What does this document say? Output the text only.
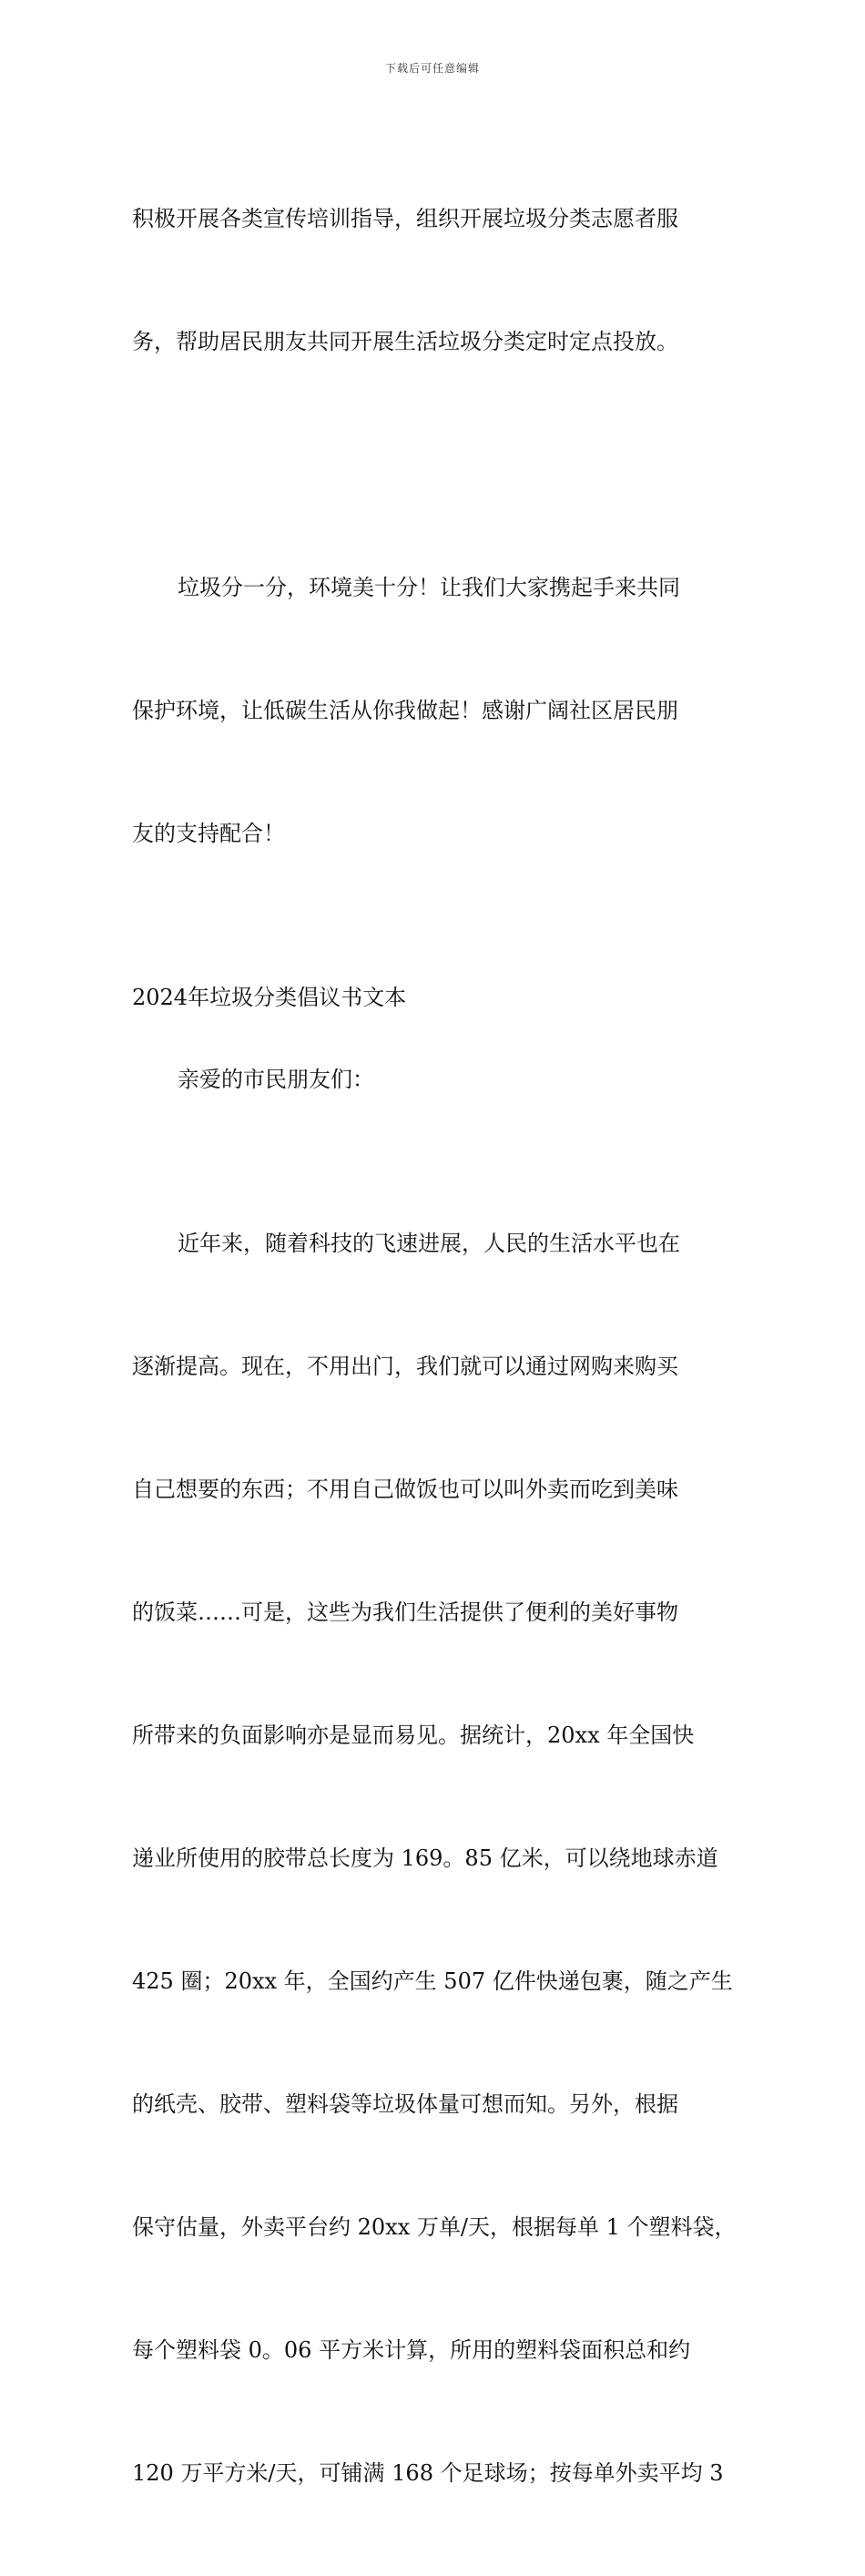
下载后可任意编辑

积极开展各类宣传培训指导，组织开展垃圾分类志愿者服

务，帮助居民朋友共同开展生活垃圾分类定时定点投放。

垃圾分一分，环境美十分！让我们大家携起手来共同

保护环境，让低碳生活从你我做起！感谢广阔社区居民朋

友的支持配合！

2024年垃圾分类倡议书文本

亲爱的市民朋友们：

近年来，随着科技的飞速进展，人民的生活水平也在

逐渐提高。现在，不用出门，我们就可以通过网购来购买

自己想要的东西；不用自己做饭也可以叫外卖而吃到美味

的饭菜……可是，这些为我们生活提供了便利的美好事物

所带来的负面影响亦是显而易见。据统计，20xx 年全国快

递业所使用的胶带总长度为 169。85 亿米，可以绕地球赤道

425 圈；20xx 年，全国约产生 507 亿件快递包裹，随之产生

的纸壳、胶带、塑料袋等垃圾体量可想而知。另外，根据

保守估量，外卖平台约 20xx 万单/天，根据每单 1 个塑料袋，

每个塑料袋 0。06 平方米计算，所用的塑料袋面积总和约

120 万平方米/天，可铺满 168 个足球场；按每单外卖平均 3
